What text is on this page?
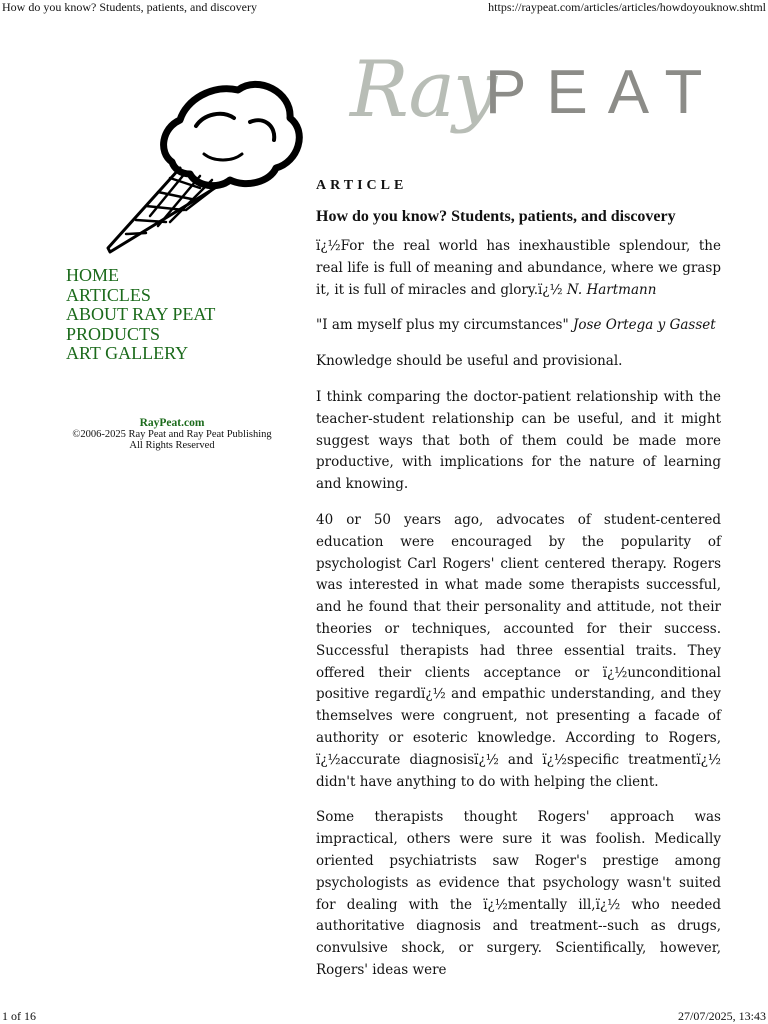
How do you know? Students, patients, and discovery	https://raypeat.com/articles/articles/howdoyouknow.shtml
Ray
PEAT
HOME
ARTICLES
ABOUT RAY PEAT
PRODUCTS
ART GALLERY
RayPeat.com
©2006-2025 Ray Peat and Ray Peat Publishing
All Rights Reserved
ARTICLE
How do you know? Students, patients, and discovery

ï¿½For the real world has inexhaustible splendour, the real life is full of meaning and abundance, where we grasp it, it is full of miracles and glory.ï¿½ N. Hartmann

"I am myself plus my circumstances" Jose Ortega y Gasset

Knowledge should be useful and provisional.

I think comparing the doctor-patient relationship with the teacher-student relationship can be useful, and it might suggest ways that both of them could be made more productive, with implications for the nature of learning and knowing.

40 or 50 years ago, advocates of student-centered education were encouraged by the popularity of psychologist Carl Rogers' client centered therapy. Rogers was interested in what made some therapists successful, and he found that their personality and attitude, not their theories or techniques, accounted for their success. Successful therapists had three essential traits. They offered their clients acceptance or ï¿½unconditional positive regardï¿½ and empathic understanding, and they themselves were congruent, not presenting a facade of authority or esoteric knowledge. According to Rogers, ï¿½accurate diagnosisï¿½ and ï¿½specific treatmentï¿½ didn't have anything to do with helping the client.

Some therapists thought Rogers' approach was impractical, others were sure it was foolish. Medically oriented psychiatrists saw Roger's prestige among psychologists as evidence that psychology wasn't suited for dealing with the ï¿½mentally ill,ï¿½ who needed authoritative diagnosis and treatment--such as drugs, convulsive shock, or surgery. Scientifically, however, Rogers' ideas were

1 of 16	27/07/2025, 13:43
